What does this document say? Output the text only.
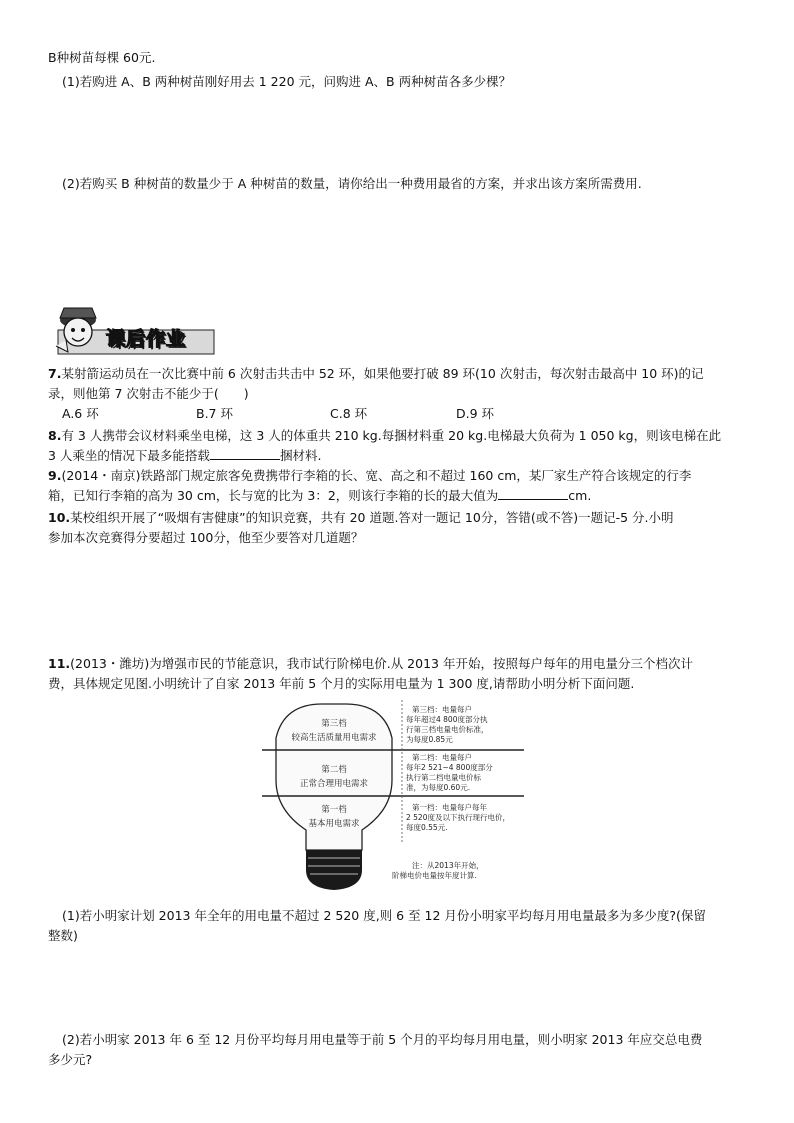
B种树苗每棵 60元.
(1)若购进 A、B 两种树苗刚好用去 1 220 元，问购进 A、B 两种树苗各多少棵？
(2)若购买 B 种树苗的数量少于 A 种树苗的数量，请你给出一种费用最省的方案，并求出该方案所需费用.
课后作业
7.某射箭运动员在一次比赛中前 6 次射击共击中 52 环，如果他要打破 89 环(10 次射击，每次射击最高中 10 环)的记
录，则他第 7 次射击不能少于(　　)
A.6 环	B.7 环	C.8 环	D.9 环
8.有 3 人携带会议材料乘坐电梯，这 3 人的体重共 210 kg.每捆材料重 20 kg.电梯最大负荷为 1 050 kg，则该电梯在此
3 人乘坐的情况下最多能搭载	捆材料.
9.(2014・南京)铁路部门规定旅客免费携带行李箱的长、宽、高之和不超过 160 cm，某厂家生产符合该规定的行李
箱，已知行李箱的高为 30 cm，长与宽的比为 3：2，则该行李箱的长的最大值为	cm.
10.某校组织开展了“吸烟有害健康”的知识竞赛，共有 20 道题.答对一题记 10分，答错(或不答)一题记-5 分.小明
参加本次竞赛得分要超过 100分，他至少要答对几道题？
11.(2013・潍坊)为增强市民的节能意识，我市试行阶梯电价.从 2013 年开始，按照每户每年的用电量分三个档次计
费，具体规定见图.小明统计了自家 2013 年前 5 个月的实际用电量为 1 300 度,请帮助小明分析下面问题.
第三档
较高生活质量用电需求
第二档
正常合理用电需求
第一档
基本用电需求
第三档：电量每户
每年超过4 800度部分执
行第三档电量电价标准，
为每度0.85元
第二档：电量每户
每年2 521~4 800度部分
执行第二档电量电价标
准，为每度0.60元.
第一档：电量每户每年
2 520度及以下执行现行电价，
每度0.55元.
注：从2013年开始，
阶梯电价电量按年度计算.
(1)若小明家计划 2013 年全年的用电量不超过 2 520 度,则 6 至 12 月份小明家平均每月用电量最多为多少度?(保留
整数)
(2)若小明家 2013 年 6 至 12 月份平均每月用电量等于前 5 个月的平均每月用电量，则小明家 2013 年应交总电费
多少元?
